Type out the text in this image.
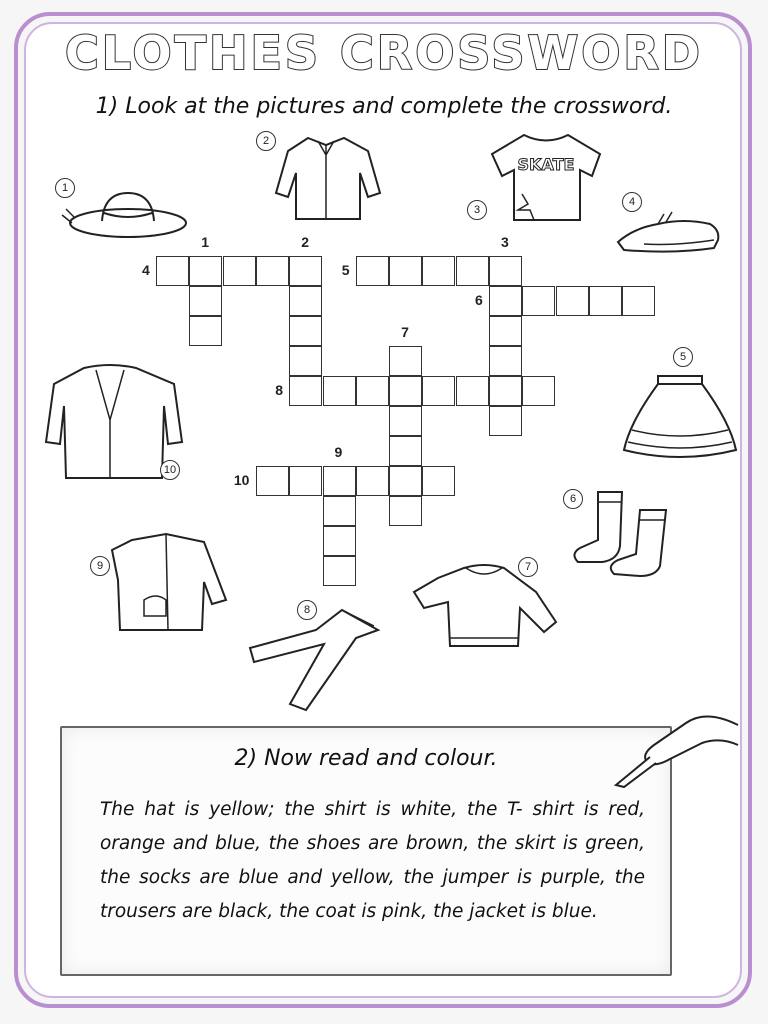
CLOTHES CROSSWORD
1) Look at the pictures and complete the crossword.
1	2	3
4	5
6
7
8
9
10
1
2
SKATE
3
4
5
6
7
8
9
10
2) Now read and colour.
The hat is yellow; the shirt is white, the T- shirt is red, orange and blue, the shoes are brown, the skirt is green, the socks are blue and yellow, the jumper is purple, the trousers are black, the coat is pink, the jacket is blue.
